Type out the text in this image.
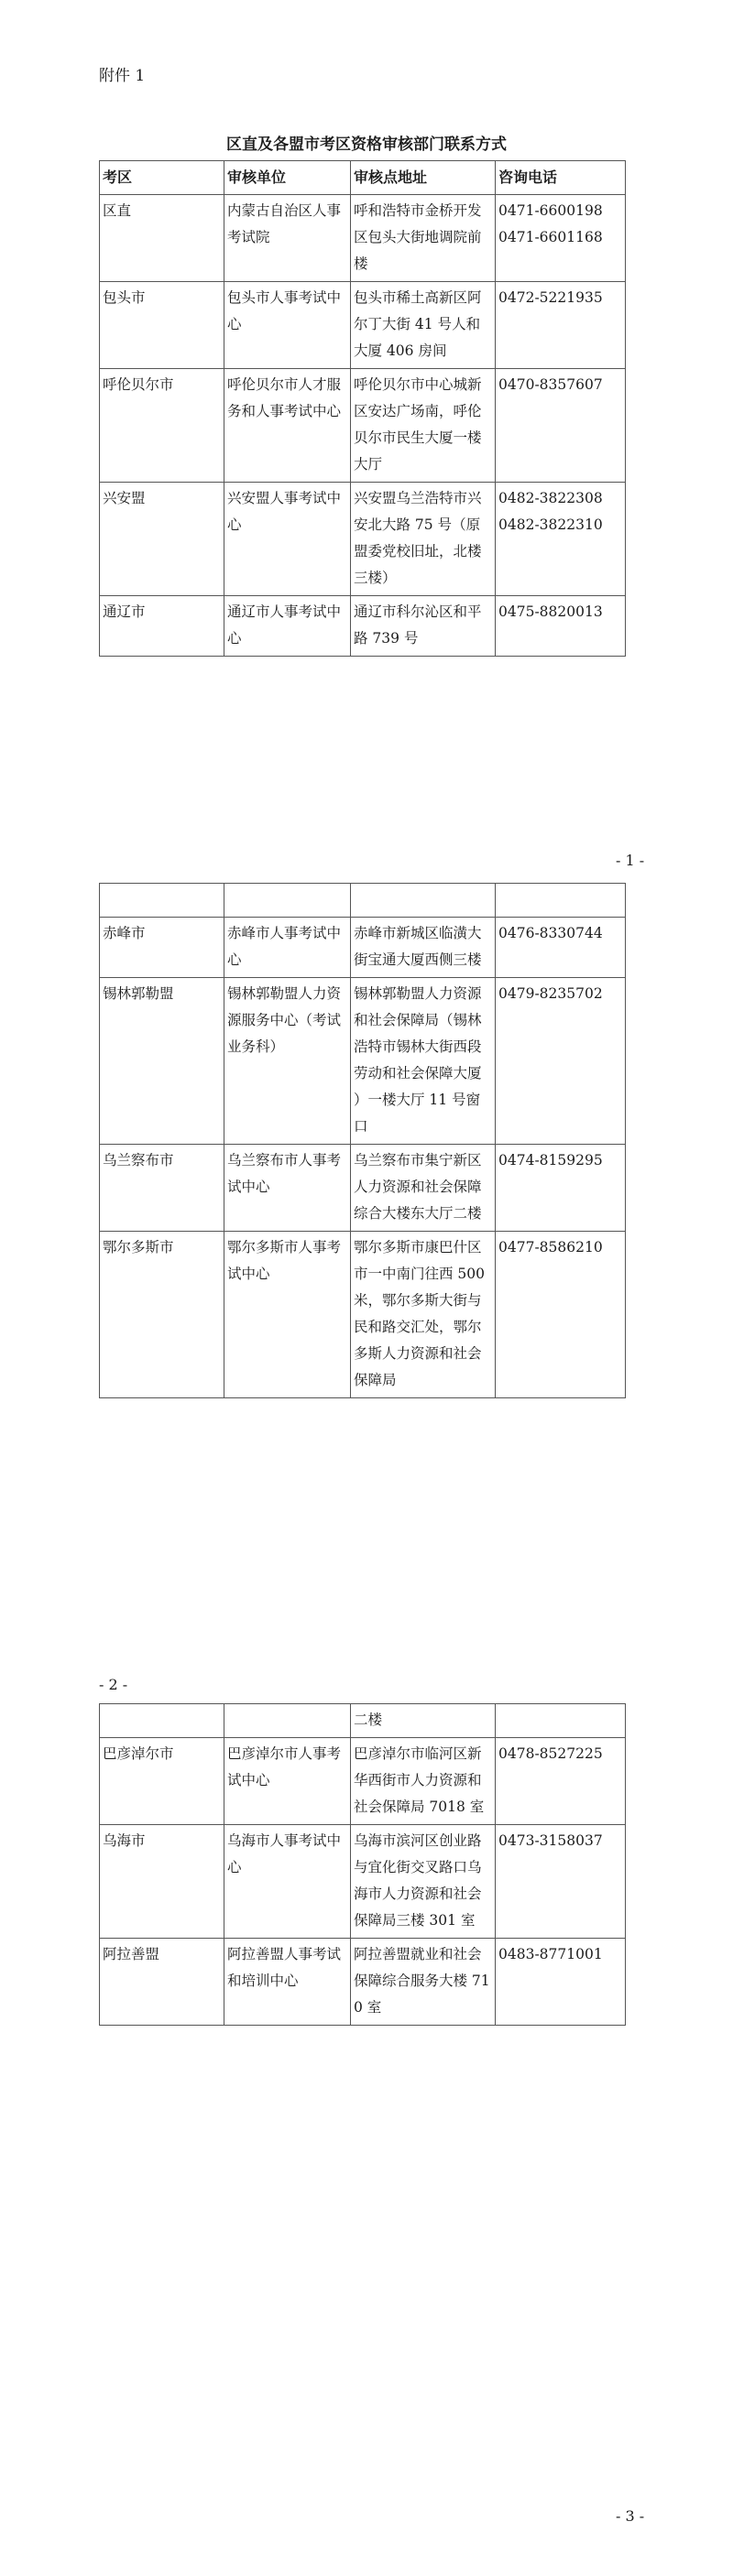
附件 1
区直及各盟市考区资格审核部门联系方式
考区	审核单位	审核点地址	咨询电话
区直	内蒙古自治区人事考试院	呼和浩特市金桥开发区包头大街地调院前楼	0471-6600198
0471-6601168
包头市	包头市人事考试中心	包头市稀土高新区阿尔丁大街 41 号人和大厦 406 房间	0472-5221935
呼伦贝尔市	呼伦贝尔市人才服务和人事考试中心	呼伦贝尔市中心城新区安达广场南，呼伦贝尔市民生大厦一楼大厅	0470-8357607
兴安盟	兴安盟人事考试中心	兴安盟乌兰浩特市兴安北大路 75 号（原盟委党校旧址，北楼三楼）	0482-3822308
0482-3822310
通辽市	通辽市人事考试中心	通辽市科尔沁区和平路 739 号	0475-8820013
- 1 -

赤峰市	赤峰市人事考试中心	赤峰市新城区临潢大街宝通大厦西侧三楼	0476-8330744
锡林郭勒盟	锡林郭勒盟人力资源服务中心（考试业务科）	锡林郭勒盟人力资源和社会保障局（锡林浩特市锡林大街西段劳动和社会保障大厦 ）一楼大厅 11 号窗口	0479-8235702
乌兰察布市	乌兰察布市人事考试中心	乌兰察布市集宁新区人力资源和社会保障综合大楼东大厅二楼	0474-8159295
鄂尔多斯市	鄂尔多斯市人事考试中心	鄂尔多斯市康巴什区市一中南门往西 500 米，鄂尔多斯大街与民和路交汇处，鄂尔多斯人力资源和社会保障局	0477-8586210
- 2 -
		二楼	
巴彦淖尔市	巴彦淖尔市人事考试中心	巴彦淖尔市临河区新华西街市人力资源和社会保障局 7018 室	0478-8527225
乌海市	乌海市人事考试中心	乌海市滨河区创业路与宜化街交叉路口乌海市人力资源和社会保障局三楼 301 室	0473-3158037
阿拉善盟	阿拉善盟人事考试和培训中心	阿拉善盟就业和社会保障综合服务大楼 710 室	0483-8771001
- 3 -
